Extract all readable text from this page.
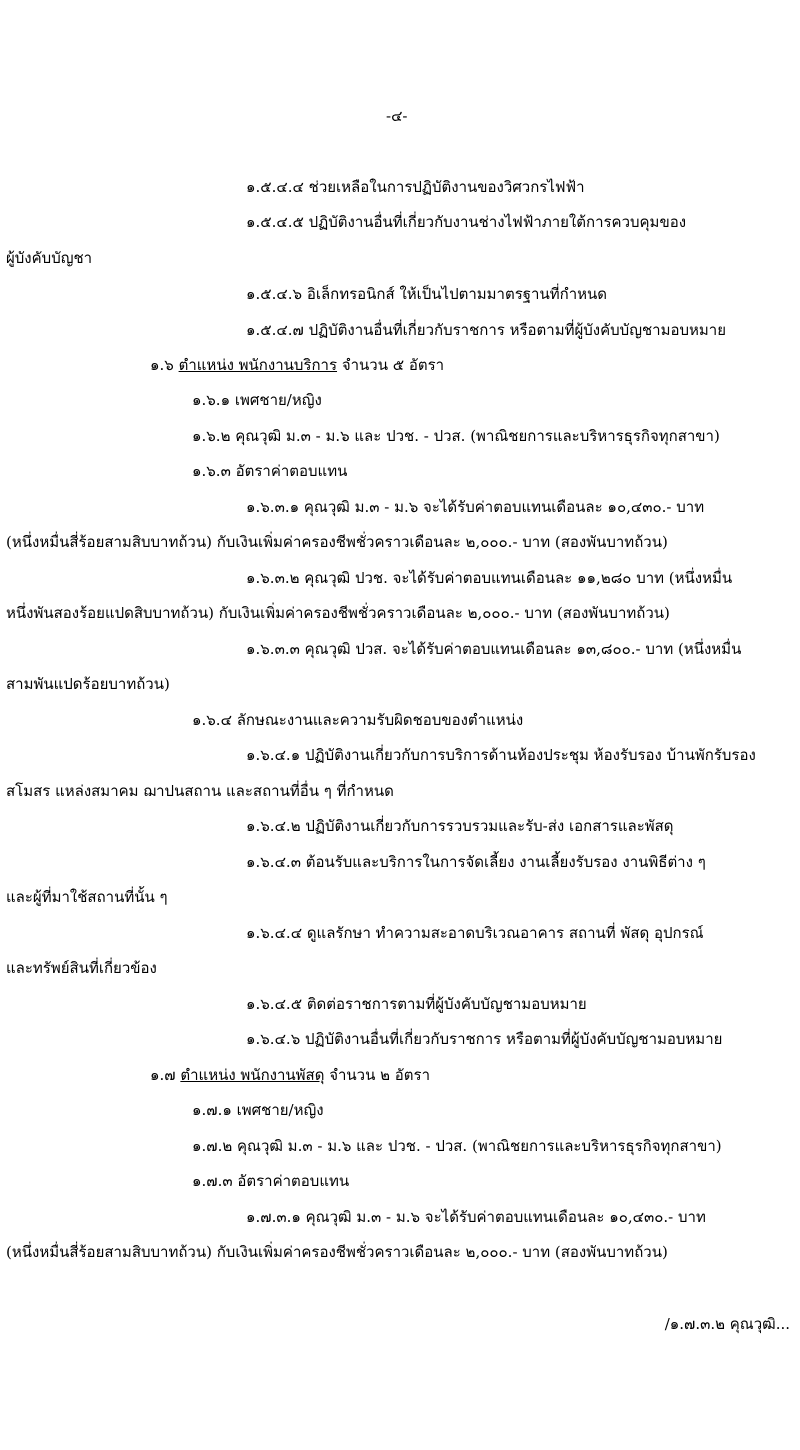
-๔-
๑.๕.๔.๔ ช่วยเหลือในการปฏิบัติงานของวิศวกรไฟฟ้า
๑.๕.๔.๕ ปฏิบัติงานอื่นที่เกี่ยวกับงานช่างไฟฟ้าภายใต้การควบคุมของ
ผู้บังคับบัญชา
๑.๕.๔.๖ อิเล็กทรอนิกส์ ให้เป็นไปตามมาตรฐานที่กำหนด
๑.๕.๔.๗ ปฏิบัติงานอื่นที่เกี่ยวกับราชการ หรือตามที่ผู้บังคับบัญชามอบหมาย
๑.๖ ตำแหน่ง พนักงานบริการ จำนวน ๕ อัตรา
๑.๖.๑ เพศชาย/หญิง
๑.๖.๒ คุณวุฒิ ม.๓ - ม.๖ และ ปวช. - ปวส. (พาณิชยการและบริหารธุรกิจทุกสาขา)
๑.๖.๓ อัตราค่าตอบแทน
๑.๖.๓.๑ คุณวุฒิ ม.๓ - ม.๖ จะได้รับค่าตอบแทนเดือนละ ๑๐,๔๓๐.- บาท
(หนึ่งหมื่นสี่ร้อยสามสิบบาทถ้วน) กับเงินเพิ่มค่าครองชีพชั่วคราวเดือนละ ๒,๐๐๐.- บาท (สองพันบาทถ้วน)
๑.๖.๓.๒ คุณวุฒิ ปวช. จะได้รับค่าตอบแทนเดือนละ ๑๑,๒๘๐ บาท (หนึ่งหมื่น
หนึ่งพันสองร้อยแปดสิบบาทถ้วน) กับเงินเพิ่มค่าครองชีพชั่วคราวเดือนละ ๒,๐๐๐.- บาท (สองพันบาทถ้วน)
๑.๖.๓.๓ คุณวุฒิ ปวส. จะได้รับค่าตอบแทนเดือนละ ๑๓,๘๐๐.- บาท (หนึ่งหมื่น
สามพันแปดร้อยบาทถ้วน)
๑.๖.๔ ลักษณะงานและความรับผิดชอบของตำแหน่ง
๑.๖.๔.๑ ปฏิบัติงานเกี่ยวกับการบริการด้านห้องประชุม ห้องรับรอง บ้านพักรับรอง
สโมสร แหล่งสมาคม ฌาปนสถาน และสถานที่อื่น ๆ ที่กำหนด
๑.๖.๔.๒ ปฏิบัติงานเกี่ยวกับการรวบรวมและรับ-ส่ง เอกสารและพัสดุ
๑.๖.๔.๓ ต้อนรับและบริการในการจัดเลี้ยง งานเลี้ยงรับรอง งานพิธีต่าง ๆ
และผู้ที่มาใช้สถานที่นั้น ๆ
๑.๖.๔.๔ ดูแลรักษา ทำความสะอาดบริเวณอาคาร สถานที่ พัสดุ อุปกรณ์
และทรัพย์สินที่เกี่ยวข้อง
๑.๖.๔.๕ ติดต่อราชการตามที่ผู้บังคับบัญชามอบหมาย
๑.๖.๔.๖ ปฏิบัติงานอื่นที่เกี่ยวกับราชการ หรือตามที่ผู้บังคับบัญชามอบหมาย
๑.๗ ตำแหน่ง พนักงานพัสดุ จำนวน ๒ อัตรา
๑.๗.๑ เพศชาย/หญิง
๑.๗.๒ คุณวุฒิ ม.๓ - ม.๖ และ ปวช. - ปวส. (พาณิชยการและบริหารธุรกิจทุกสาขา)
๑.๗.๓ อัตราค่าตอบแทน
๑.๗.๓.๑ คุณวุฒิ ม.๓ - ม.๖ จะได้รับค่าตอบแทนเดือนละ ๑๐,๔๓๐.- บาท
(หนึ่งหมื่นสี่ร้อยสามสิบบาทถ้วน) กับเงินเพิ่มค่าครองชีพชั่วคราวเดือนละ ๒,๐๐๐.- บาท (สองพันบาทถ้วน)
/๑.๗.๓.๒ คุณวุฒิ...
